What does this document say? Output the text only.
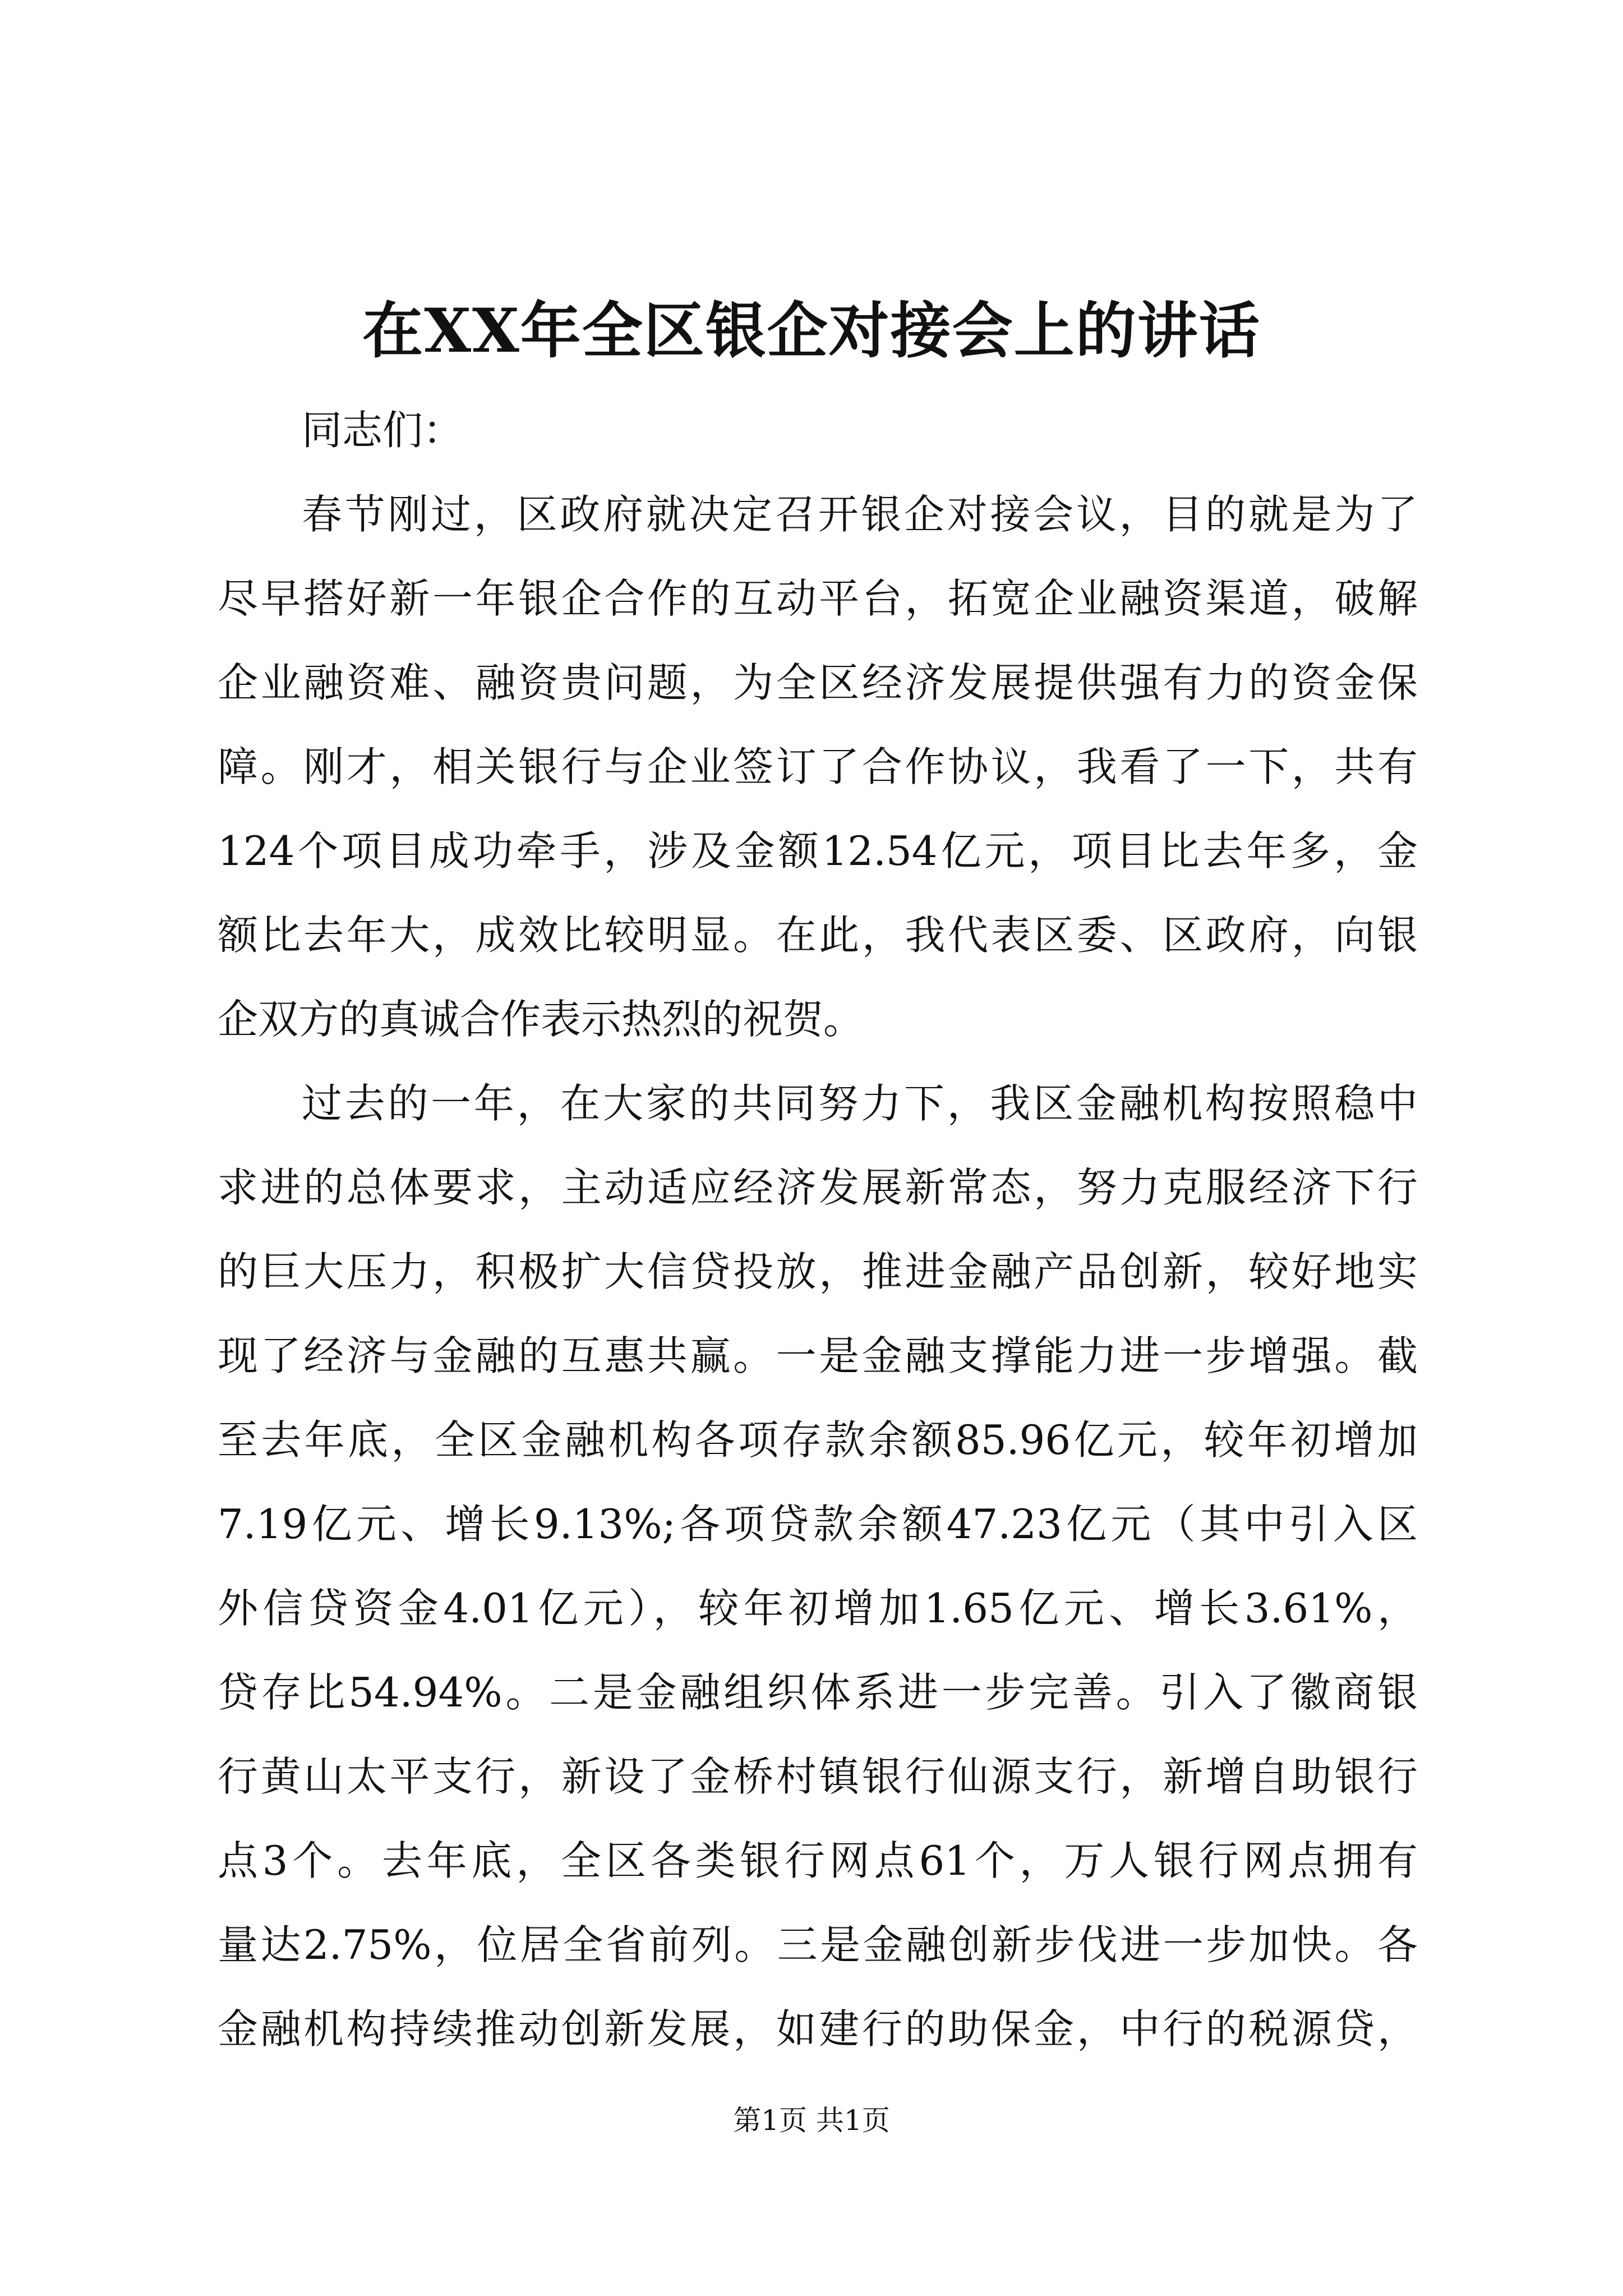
在XX年全区银企对接会上的讲话
同志们：
春节刚过，区政府就决定召开银企对接会议，目的就是为了
尽早搭好新一年银企合作的互动平台，拓宽企业融资渠道，破解
企业融资难、融资贵问题，为全区经济发展提供强有力的资金保
障。刚才，相关银行与企业签订了合作协议，我看了一下，共有
124个项目成功牵手，涉及金额12.54亿元，项目比去年多，金
额比去年大，成效比较明显。在此，我代表区委、区政府，向银
企双方的真诚合作表示热烈的祝贺。
过去的一年，在大家的共同努力下，我区金融机构按照稳中
求进的总体要求，主动适应经济发展新常态，努力克服经济下行
的巨大压力，积极扩大信贷投放，推进金融产品创新，较好地实
现了经济与金融的互惠共赢。一是金融支撑能力进一步增强。截
至去年底，全区金融机构各项存款余额85.96亿元，较年初增加
7.19亿元、增长9.13%;各项贷款余额47.23亿元（其中引入区
外信贷资金4.01亿元），较年初增加1.65亿元、增长3.61%，
贷存比54.94%。二是金融组织体系进一步完善。引入了徽商银
行黄山太平支行，新设了金桥村镇银行仙源支行，新增自助银行
点3个。去年底，全区各类银行网点61个，万人银行网点拥有
量达2.75%，位居全省前列。三是金融创新步伐进一步加快。各
金融机构持续推动创新发展，如建行的助保金，中行的税源贷，
第1页 共1页
